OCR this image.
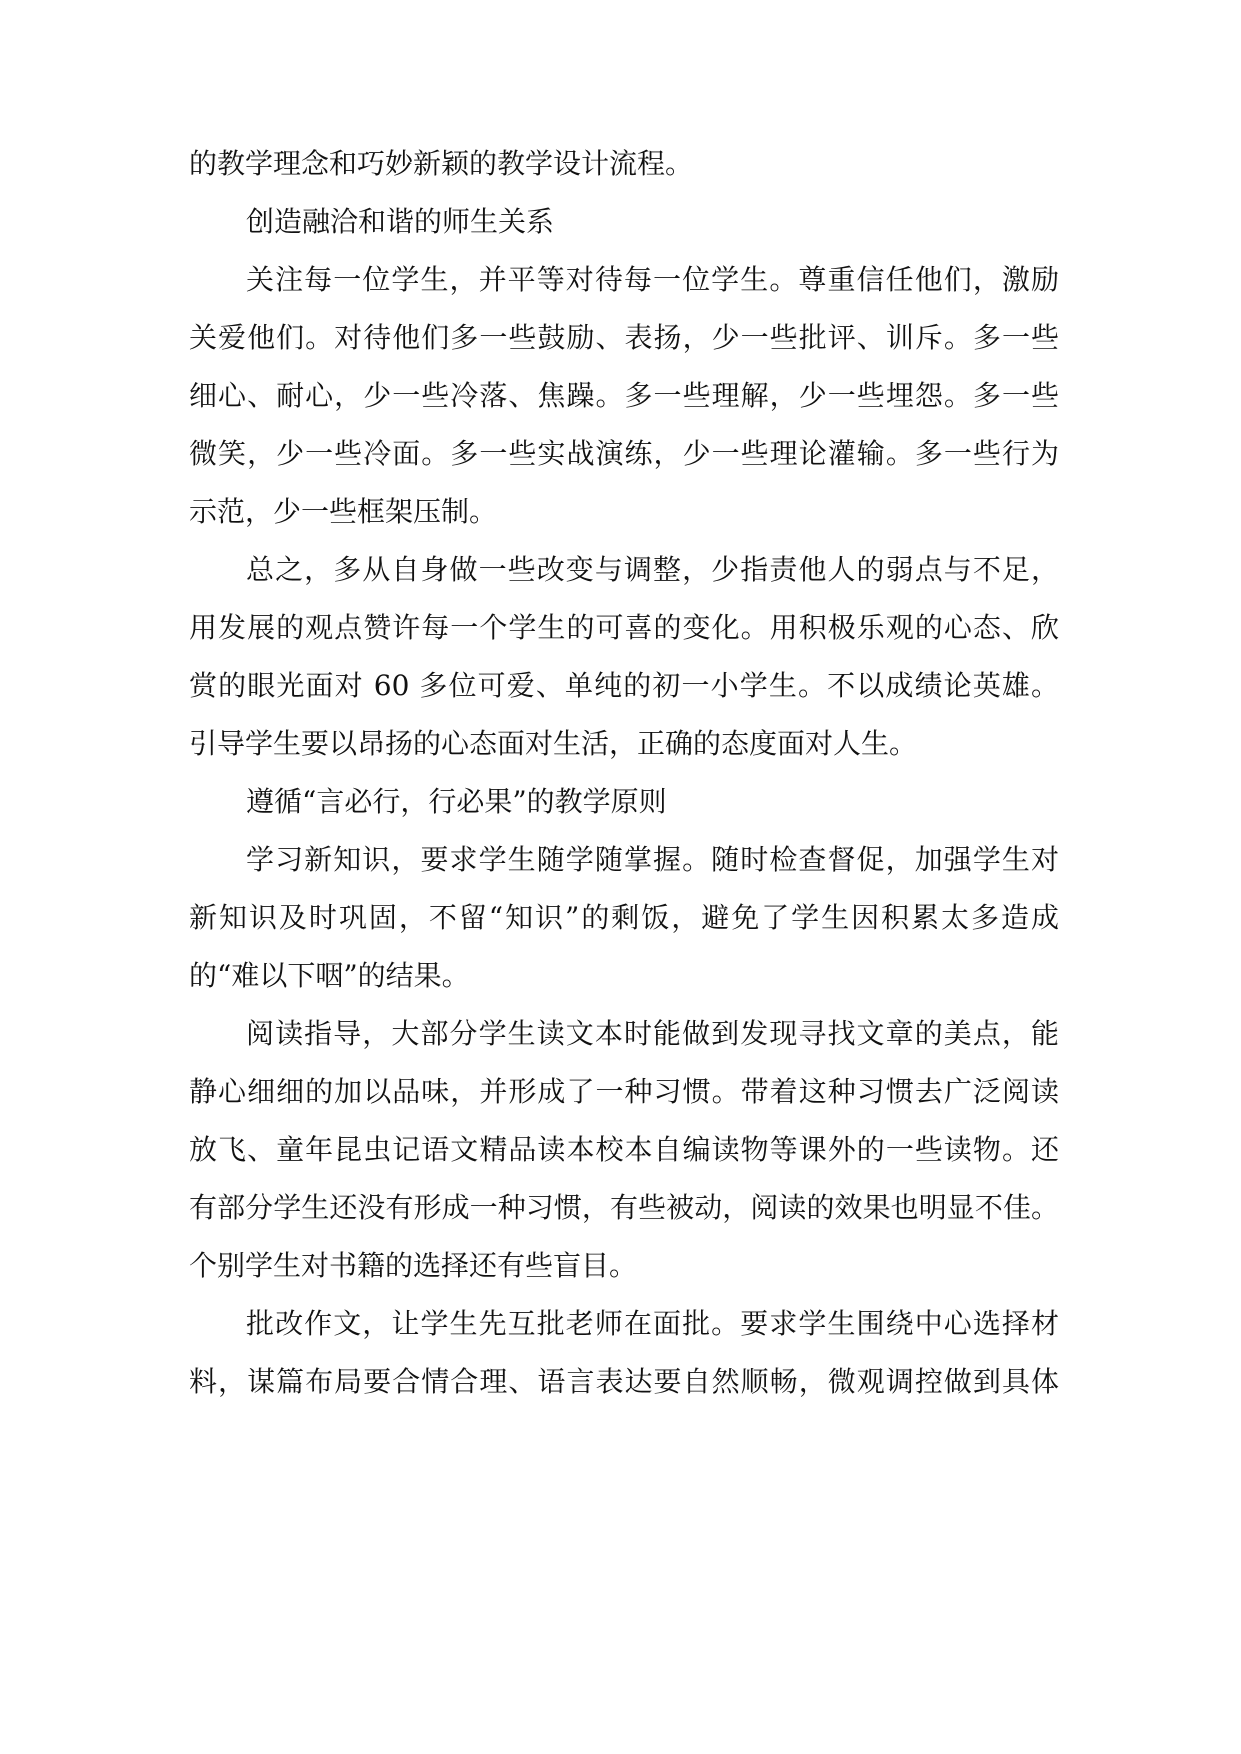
的教学理念和巧妙新颖的教学设计流程。
创造融洽和谐的师生关系
关注每一位学生，并平等对待每一位学生。尊重信任他们，激励
关爱他们。对待他们多一些鼓励、表扬，少一些批评、训斥。多一些
细心、耐心，少一些冷落、焦躁。多一些理解，少一些埋怨。多一些
微笑，少一些冷面。多一些实战演练，少一些理论灌输。多一些行为
示范，少一些框架压制。
总之，多从自身做一些改变与调整，少指责他人的弱点与不足，
用发展的观点赞许每一个学生的可喜的变化。用积极乐观的心态、欣
赏的眼光面对 60 多位可爱、单纯的初一小学生。不以成绩论英雄。
引导学生要以昂扬的心态面对生活，正确的态度面对人生。
遵循“言必行，行必果”的教学原则
学习新知识，要求学生随学随掌握。随时检查督促，加强学生对
新知识及时巩固，不留“知识”的剩饭，避免了学生因积累太多造成
的“难以下咽”的结果。
阅读指导，大部分学生读文本时能做到发现寻找文章的美点，能
静心细细的加以品味，并形成了一种习惯。带着这种习惯去广泛阅读
放飞、童年昆虫记语文精品读本校本自编读物等课外的一些读物。还
有部分学生还没有形成一种习惯，有些被动，阅读的效果也明显不佳。
个别学生对书籍的选择还有些盲目。
批改作文，让学生先互批老师在面批。要求学生围绕中心选择材
料，谋篇布局要合情合理、语言表达要自然顺畅，微观调控做到具体
